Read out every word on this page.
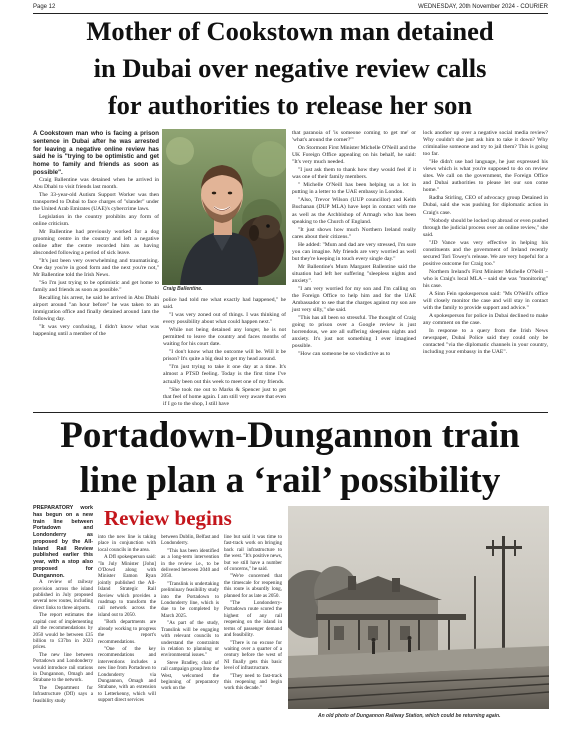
Page 12	WEDNESDAY, 20th November 2024 - COURIER
Mother of Cookstown man detained
in Dubai over negative review calls
for authorities to release her son
A Cookstown man who is facing a prison sentence in Dubai after he was arrested for leaving a negative online review has said he is "trying to be optimistic and get home to family and friends as soon as possible".

Craig Ballentine was detained when he arrived in Abu Dhabi to visit friends last month.

The 33-year-old Autism Support Worker was then transported to Dubai to face charges of "slander" under the United Arab Emirates (UAE)'s cybercrime laws.

Legislation in the country prohibits any form of online criticism.

Mr Ballentine had previously worked for a dog grooming centre in the country and left a negative online after the centre recorded him as having absconded following a period of sick leave.

"It's just been very overwhelming and traumatising. One day you're in good form and the next you're not," Mr Ballentine told the Irish News.

"So I'm just trying to be optimistic and get home to family and friends as soon as possible."

Recalling his arrest, he said he arrived in Abu Dhabi airport around "an hour before" he was taken to an immigration office and finally detained around 1am the following day.

"It was very confusing, I didn't know what was happening until a member of the

Craig Ballentine.

police had told me what exactly had happened," he said.

"I was very zoned out of things. I was thinking of every possibility about what could happen next."

While not being detained any longer, he is not permitted to leave the country and faces months of waiting for his court date.

"I don't know what the outcome will be. Will it be prison? It's quite a big deal to get my head around.

"I'm just trying to take it one day at a time. It's almost a PTSD feeling. Today is the first time I've actually been out this week to meet one of my friends.

"She took me out to Marks & Spencer just to get that feel of home again. I am still very aware that even if I go to the shop, I still have

that paranoia of 'is someone coming to get me' or 'what's around the corner?'"

On Stormont First Minister Michelle O'Neill and the UK Foreign Office appealing on his behalf, he said: "It's very much needed.

"I just ask them to thank how they would feel if it was one of their family members.

" Michelle O'Neill has been helping us a lot in putting in a letter to the UAE embassy in London.

"Also, Trevor Wilson (UUP councillor) and Keith Buchanan (DUP MLA) have kept in contact with me as well as the Archbishop of Armagh who has been speaking to the Church of England.

"It just shows how much Northern Ireland really cares about their citizens."

He added: "Mum and dad are very stressed, I'm sure you can imagine. My friends are very worried as well but they're keeping in touch every single day."

Mr Ballentine's Mum Margaret Ballentine said the situation had left her suffering "sleepless nights and anxiety".

"I am very worried for my son and I'm calling on the Foreign Office to help him and for the UAE Ambassador to see that the charges against my son are just very silly," she said.

"This has all been so stressful. The thought of Craig going to prison over a Google review is just horrendous, we are all suffering sleepless nights and anxiety. It's just not something I ever imagined possible.

"How can someone be so vindictive as to

lock another up over a negative social media review? Why couldn't she just ask him to take it down? Why criminalise someone and try to jail them? This is going too far.

"He didn't use bad language, he just expressed his views which is what you're supposed to do on review sites. We call on the government, the Foreign Office and Dubai authorities to please let our son come home."

Radha Stirling, CEO of advocacy group Detained in Dubai, said she was pushing for diplomatic action in Craig's case.

"Nobody should be locked up abroad or even pushed through the judicial process over an online review," she said.

"JD Vance was very effective in helping his constituents and the government of Ireland recently secured Tori Towey's release. We are very hopeful for a positive outcome for Craig too."

Northern Ireland's First Minister Michelle O'Neill – who is Craig's local MLA – said she was "monitoring" his case.

A Sinn Fein spokesperson said: "Ms O'Neill's office will closely monitor the case and will stay in contact with the family to provide support and advice."

A spokesperson for police in Dubai declined to make any comment on the case.

In response to a query from the Irish News newspaper, Dubai Police said they could only be contacted "via the diplomatic channels in your country, including your embassy in the UAE".

Portadown-Dungannon train
line plan a ‘rail’ possibility
PREPARATORY work has begun on a new train line between Portadown and Londonderry as proposed by the All-Island Rail Review published earlier this year, with a stop also proposed for Dungannon.

A review of railway provision across the island published in July proposed several new routes, including direct links to three airports.

The report estimates the capital cost of implementing all the recommendations by 2050 would be between £35 billion to £37bn in 2023 prices.

The new line between Portadown and Londonderry would introduce rail stations in Dungannon, Omagh and Strabane to the network.

The Department for Infrastructure (DfI) says a feasibility study

Review begins

into the new line is taking place in conjunction with local councils in the area.

A DfI spokesperson said: "In July Minister [John] O'Dowd along with Minister Eamon Ryan jointly published the All-Island Strategic Rail Review which provides a roadmap to transform the rail network across the island out to 2050.

"Both departments are already working to progress the report's recommendations.

"One of the key recommendations and interventions includes a new line from Portadown to Londonderry via Dungannon, Omagh and Strabane, with an extension to Letterkenny, which will support direct services

between Dublin, Belfast and Londonderry.

"This has been identified as a long-term intervention in the review i.e., to be delivered between 2040 and 2050.

"Translink is undertaking preliminary feasibility study into the Portadown to Londonderry line, which is due to be completed by March 2025.

"As part of the study, Translink will be engaging with relevant councils to understand the constraints in relation to planning or environmental issues."

Steve Bradley, chair of rail campaign group Into the West, welcomed the beginning of preparatory work on the

line but said it was time to fast-track work on bringing back rail infrastructure to the west. "It's positive news, but we still have a number of concerns," he said.

"We're concerned that the timescale for reopening this route is absurdly long, planned for as late as 2050.

"The Londonderry-Portadown route scored the highest of any rail reopening on the island in terms of passenger demand and feasibility.

"There is no excuse for waiting over a quarter of a century before the west of NI finally gets this basic level of infrastructure.

"They need to fast-track this reopening and begin work this decade."

An old photo of Dungannon Railway Station, which could be returning again.
